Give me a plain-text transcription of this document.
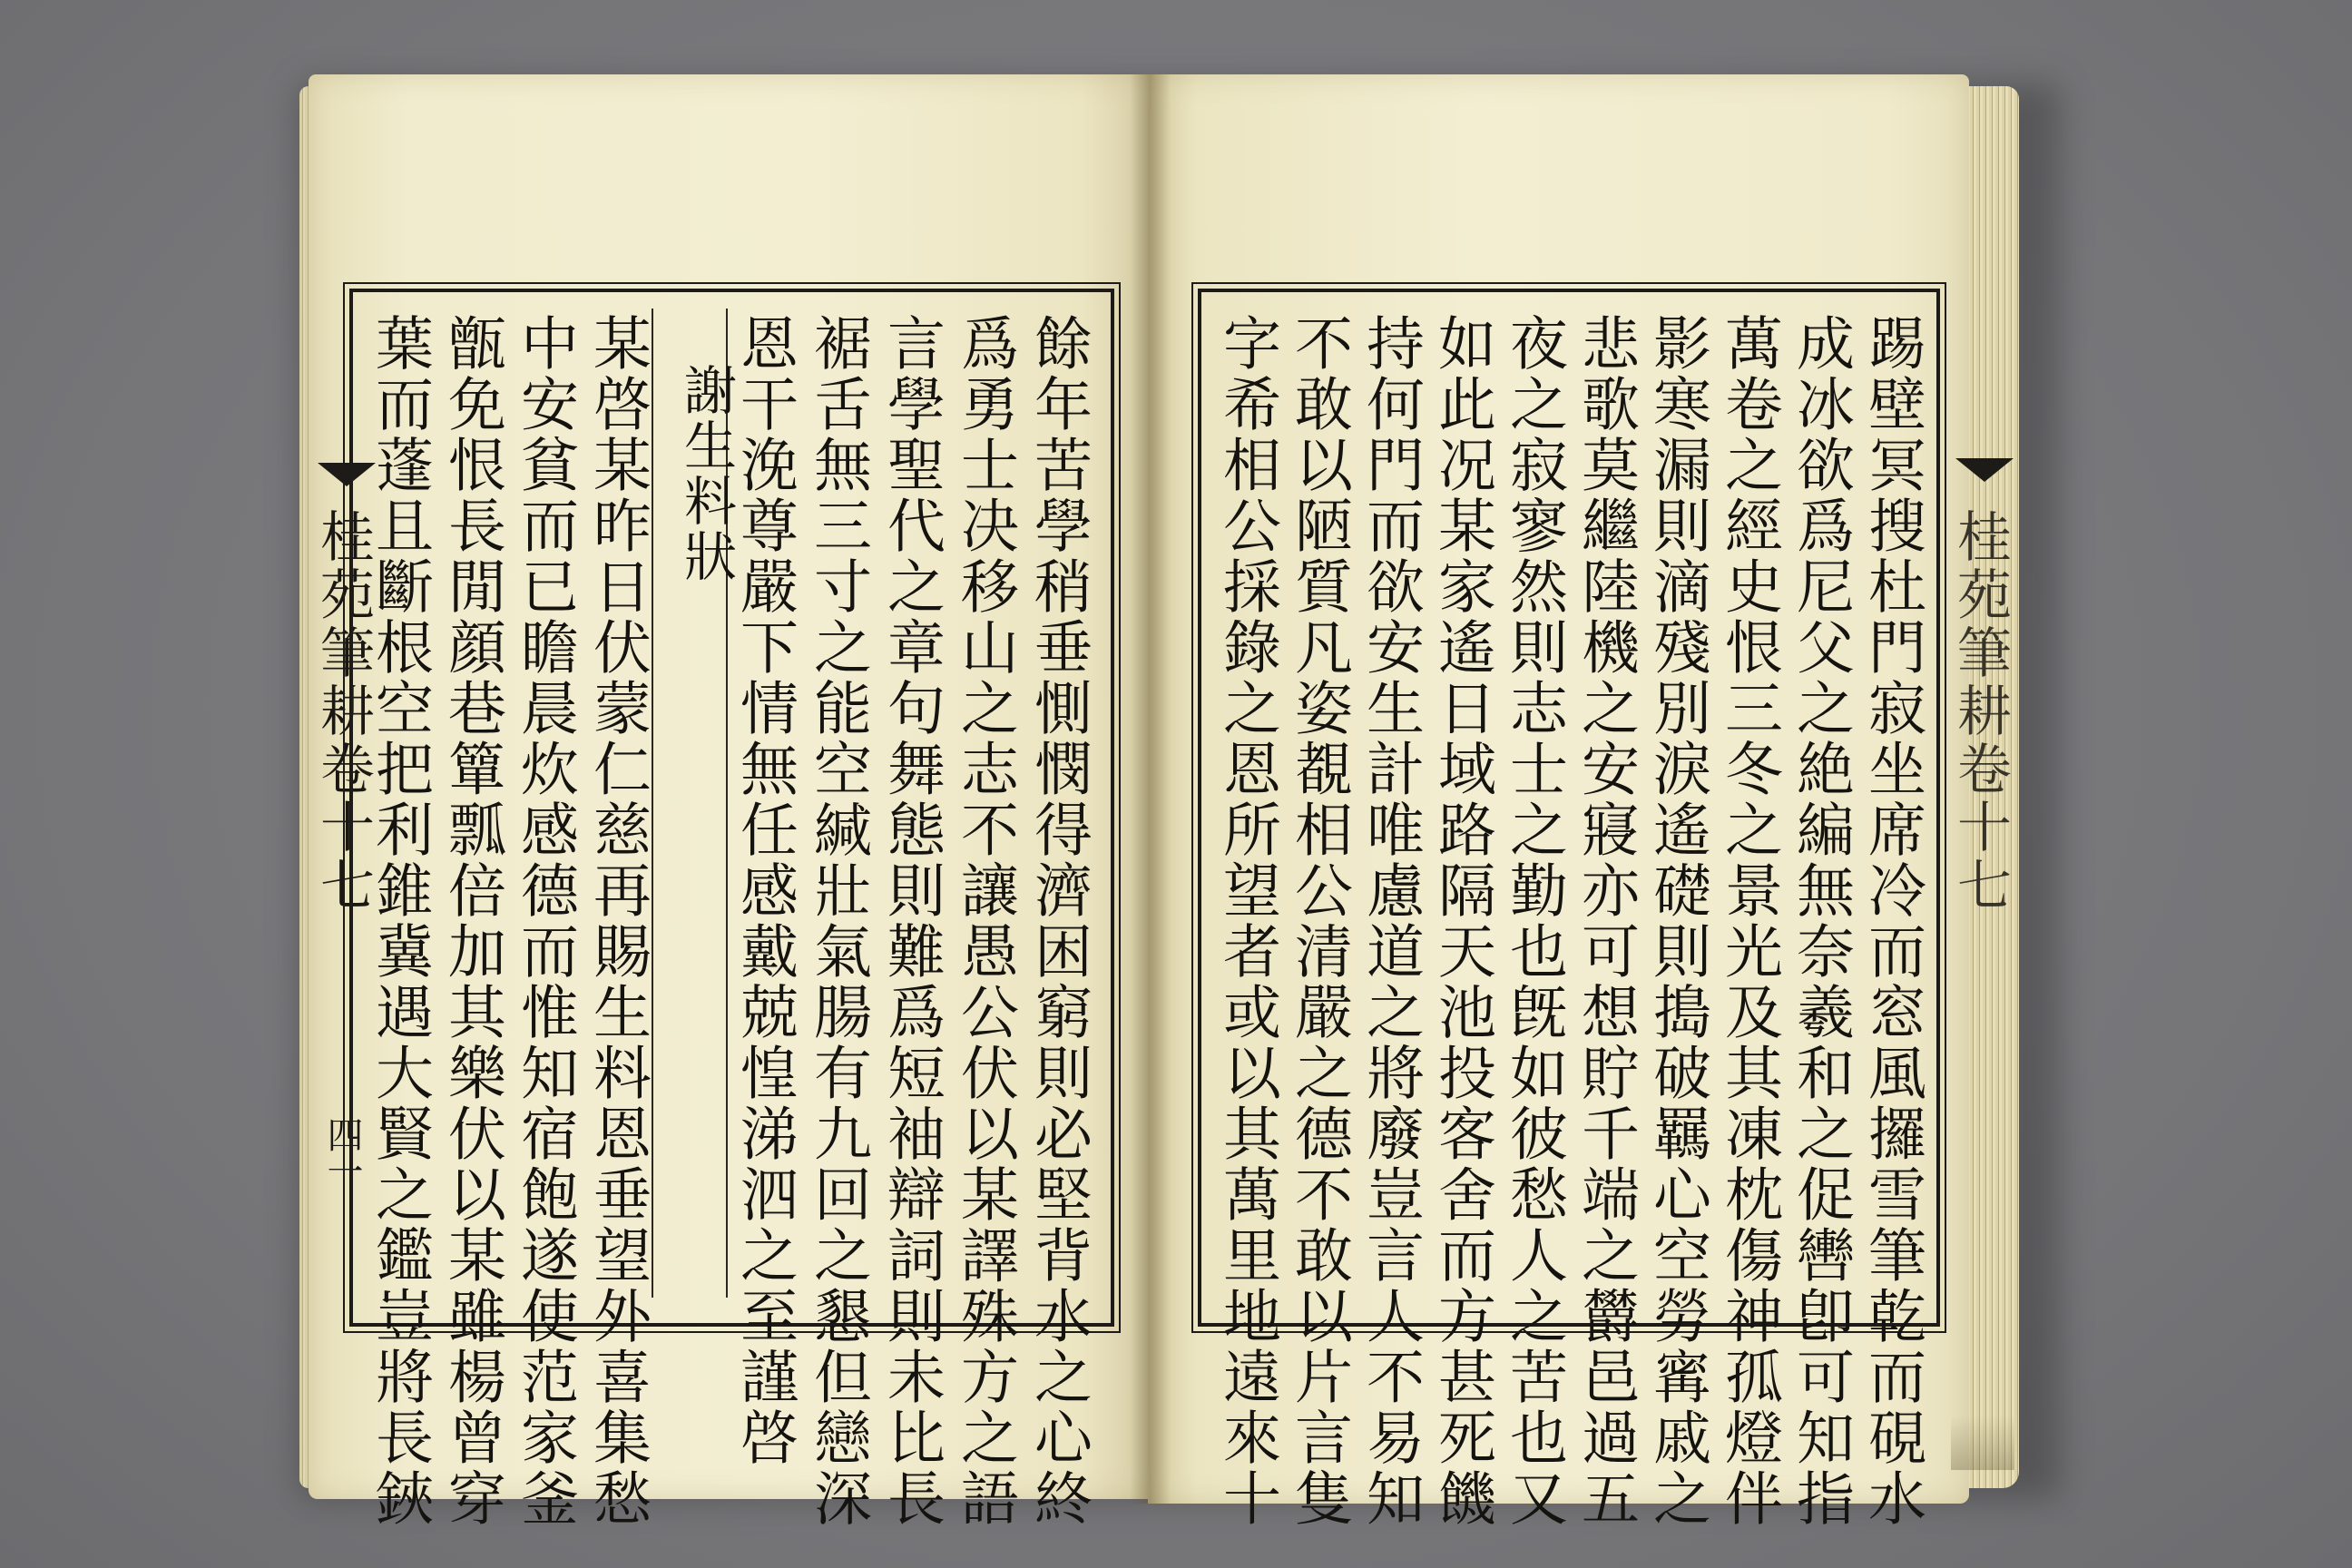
桂苑筆耕卷十七
四一
桂苑筆耕卷十七
餘年苦學稍垂惻憫得濟困窮則必堅背水之心終
爲勇士决移山之志不讓愚公伏以某譯殊方之語
言學聖代之章句舞態則難爲短袖辯詞則未比長
裾舌無三寸之能空緘壯氣腸有九回之懇但戀深
恩干浼尊嚴下情無任感戴兢惶涕泗之至謹啓
謝生料狀
某啓某昨日伏蒙仁慈再賜生料恩垂望外喜集愁
中安貧而已瞻晨炊感德而惟知宿飽遂使范家釜
甑免恨長閒顔巷簞瓢倍加其樂伏以某雖楊曾穿
葉而蓬且斷根空把利錐冀遇大賢之鑑豈將長鋏	踢壁冥搜杜門寂坐席冷而窓風攞雪筆乾而硯水
成冰欲爲尼父之絶編無奈羲和之促轡卽可知指
萬卷之經史恨三冬之景光及其凍枕傷神孤燈伴
影寒漏則滴殘別淚遙礎則搗破羈心空勞寗戚之
悲歌莫繼陸機之安寢亦可想貯千端之欝邑過五
夜之寂寥然則志士之勤也旣如彼愁人之苦也又
如此况某家遙日域路隔天池投客舍而方甚死饑
持何門而欲安生計唯慮道之將廢豈言人不易知
不敢以陋質凡姿覩相公清嚴之德不敢以片言隻
字希相公採錄之恩所望者或以其萬里地遠來十
